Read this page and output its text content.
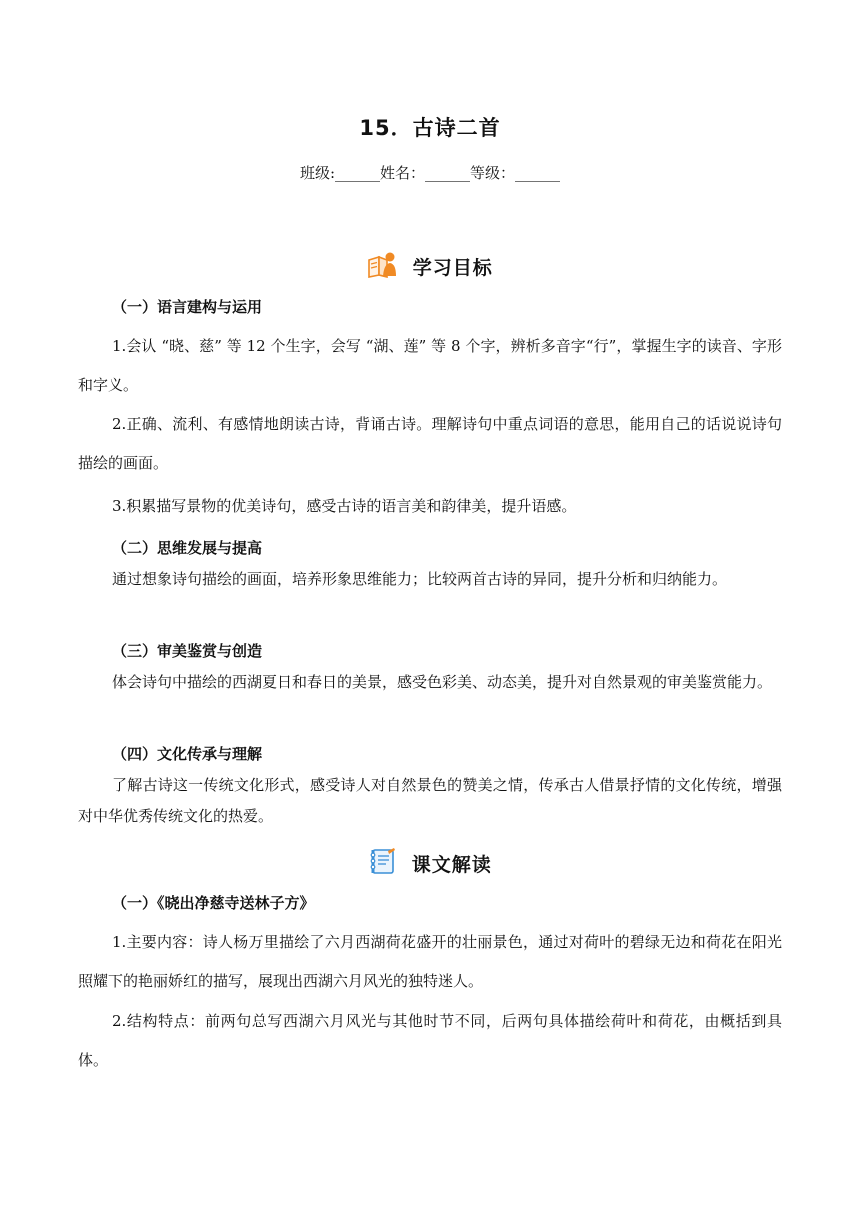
15．古诗二首
班级:______姓名：______等级：______
学习目标
（一）语言建构与运用

1.会认 “晓、慈” 等 12 个生字，会写 “湖、莲” 等 8 个字，辨析多音字“行”，掌握生字的读音、字形和字义。

2.正确、流利、有感情地朗读古诗，背诵古诗。理解诗句中重点词语的意思，能用自己的话说说诗句描绘的画面。

3.积累描写景物的优美诗句，感受古诗的语言美和韵律美，提升语感。

（二）思维发展与提高

通过想象诗句描绘的画面，培养形象思维能力；比较两首古诗的异同，提升分析和归纳能力。

（三）审美鉴赏与创造

体会诗句中描绘的西湖夏日和春日的美景，感受色彩美、动态美，提升对自然景观的审美鉴赏能力。

（四）文化传承与理解

了解古诗这一传统文化形式，感受诗人对自然景色的赞美之情，传承古人借景抒情的文化传统，增强对中华优秀传统文化的热爱。

课文解读
（一）《晓出净慈寺送林子方》

1.主要内容：诗人杨万里描绘了六月西湖荷花盛开的壮丽景色，通过对荷叶的碧绿无边和荷花在阳光照耀下的艳丽娇红的描写，展现出西湖六月风光的独特迷人。

2.结构特点：前两句总写西湖六月风光与其他时节不同，后两句具体描绘荷叶和荷花，由概括到具体。
